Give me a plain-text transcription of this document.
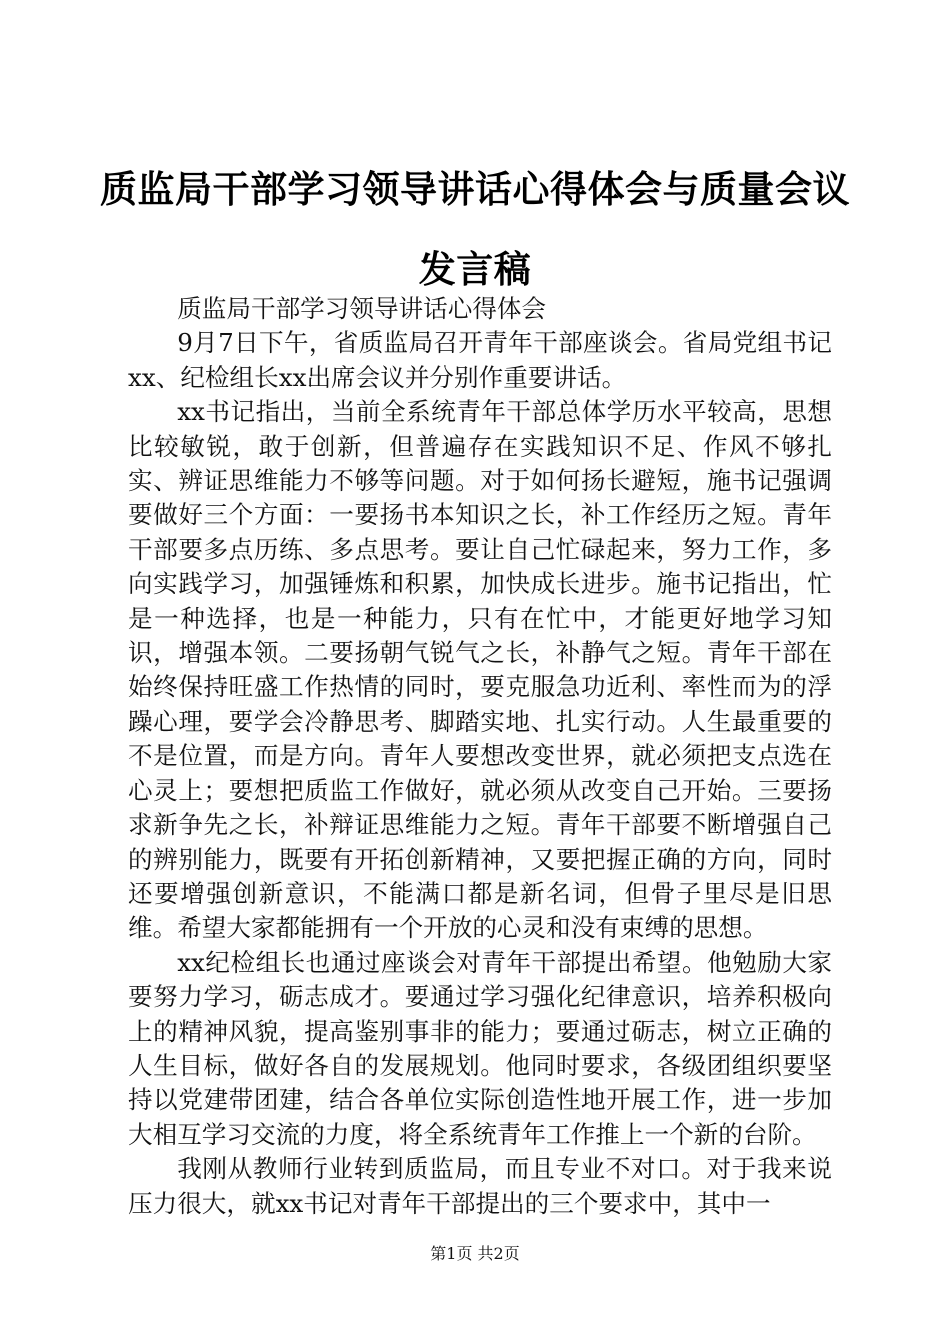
质监局干部学习领导讲话心得体会与质量会议
发言稿

质监局干部学习领导讲话心得体会

9月7日下午，省质监局召开青年干部座谈会。省局党组书记xx、纪检组长xx出席会议并分别作重要讲话。

xx书记指出，当前全系统青年干部总体学历水平较高，思想比较敏锐，敢于创新，但普遍存在实践知识不足、作风不够扎实、辨证思维能力不够等问题。对于如何扬长避短，施书记强调要做好三个方面：一要扬书本知识之长，补工作经历之短。青年干部要多点历练、多点思考。要让自己忙碌起来，努力工作，多向实践学习，加强锤炼和积累，加快成长进步。施书记指出，忙是一种选择，也是一种能力，只有在忙中，才能更好地学习知识，增强本领。二要扬朝气锐气之长，补静气之短。青年干部在始终保持旺盛工作热情的同时，要克服急功近利、率性而为的浮躁心理，要学会冷静思考、脚踏实地、扎实行动。人生最重要的不是位置，而是方向。青年人要想改变世界，就必须把支点选在心灵上；要想把质监工作做好，就必须从改变自己开始。三要扬求新争先之长，补辩证思维能力之短。青年干部要不断增强自己的辨别能力，既要有开拓创新精神，又要把握正确的方向，同时还要增强创新意识，不能满口都是新名词，但骨子里尽是旧思维。希望大家都能拥有一个开放的心灵和没有束缚的思想。

xx纪检组长也通过座谈会对青年干部提出希望。他勉励大家要努力学习，砺志成才。要通过学习强化纪律意识，培养积极向上的精神风貌，提高鉴别事非的能力；要通过砺志，树立正确的人生目标，做好各自的发展规划。他同时要求，各级团组织要坚持以党建带团建，结合各单位实际创造性地开展工作，进一步加大相互学习交流的力度，将全系统青年工作推上一个新的台阶。

我刚从教师行业转到质监局，而且专业不对口。对于我来说压力很大，就xx书记对青年干部提出的三个要求中，其中一

第1页 共2页
